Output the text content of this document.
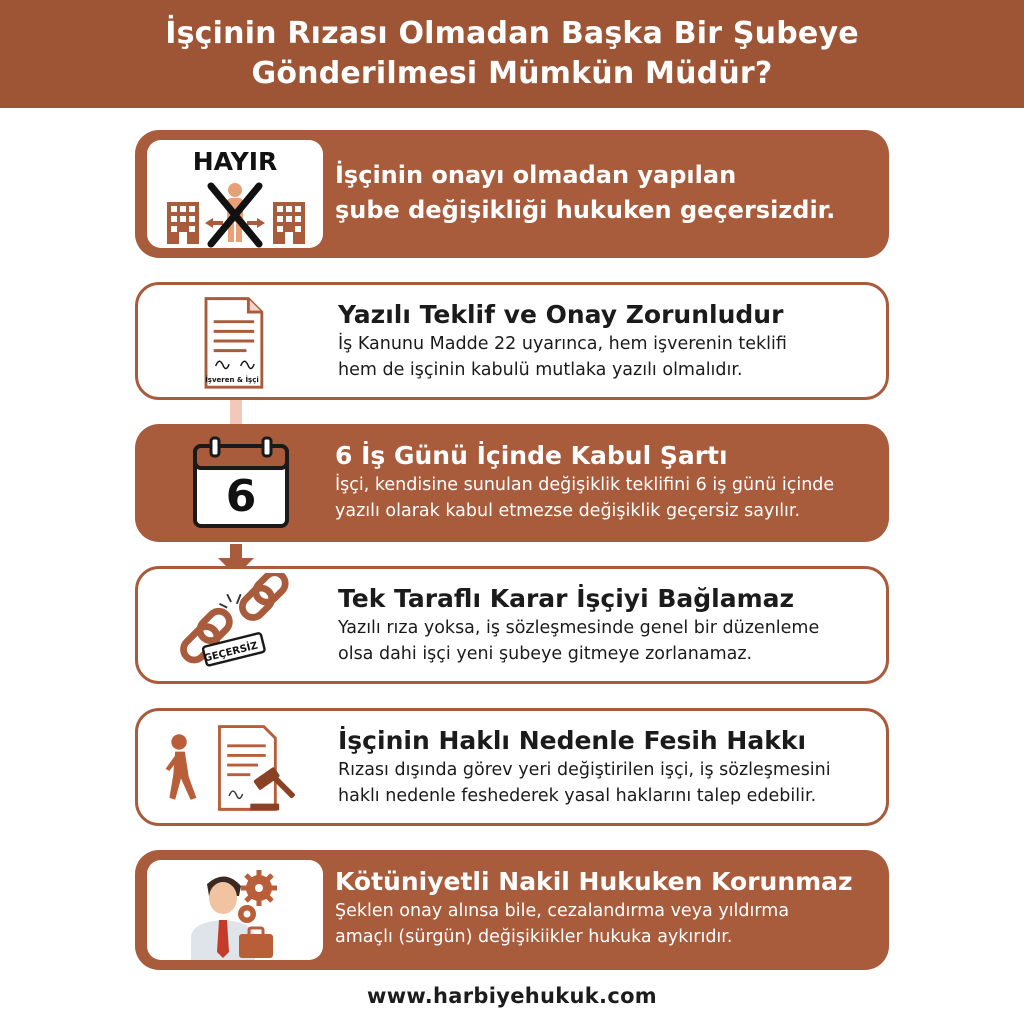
İşçinin Rızası Olmadan Başka Bir Şubeye
Gönderilmesi Mümkün Müdür?
HAYIR İşçinin onayı olmadan yapılan
şube değişikliği hukuken geçersizdir.
İşveren & İşçi
Yazılı Teklif ve Onay Zorunludur
İş Kanunu Madde 22 uyarınca, hem işverenin teklifi
hem de işçinin kabulü mutlaka yazılı olmalıdır.
6
6 İş Günü İçinde Kabul Şartı
İşçi, kendisine sunulan değişiklik teklifini 6 iş günü içinde
yazılı olarak kabul etmezse değişiklik geçersiz sayılır.
GEÇERSİZ
Tek Taraflı Karar İşçiyi Bağlamaz
Yazılı rıza yoksa, iş sözleşmesinde genel bir düzenleme
olsa dahi işçi yeni şubeye gitmeye zorlanamaz.
İşçinin Haklı Nedenle Fesih Hakkı
Rızası dışında görev yeri değiştirilen işçi, iş sözleşmesini
haklı nedenle feshederek yasal haklarını talep edebilir.
Kötüniyetli Nakil Hukuken Korunmaz
Şeklen onay alınsa bile, cezalandırma veya yıldırma
amaçlı (sürgün) değişikiikler hukuka aykırıdır.
www.harbiyehukuk.com
